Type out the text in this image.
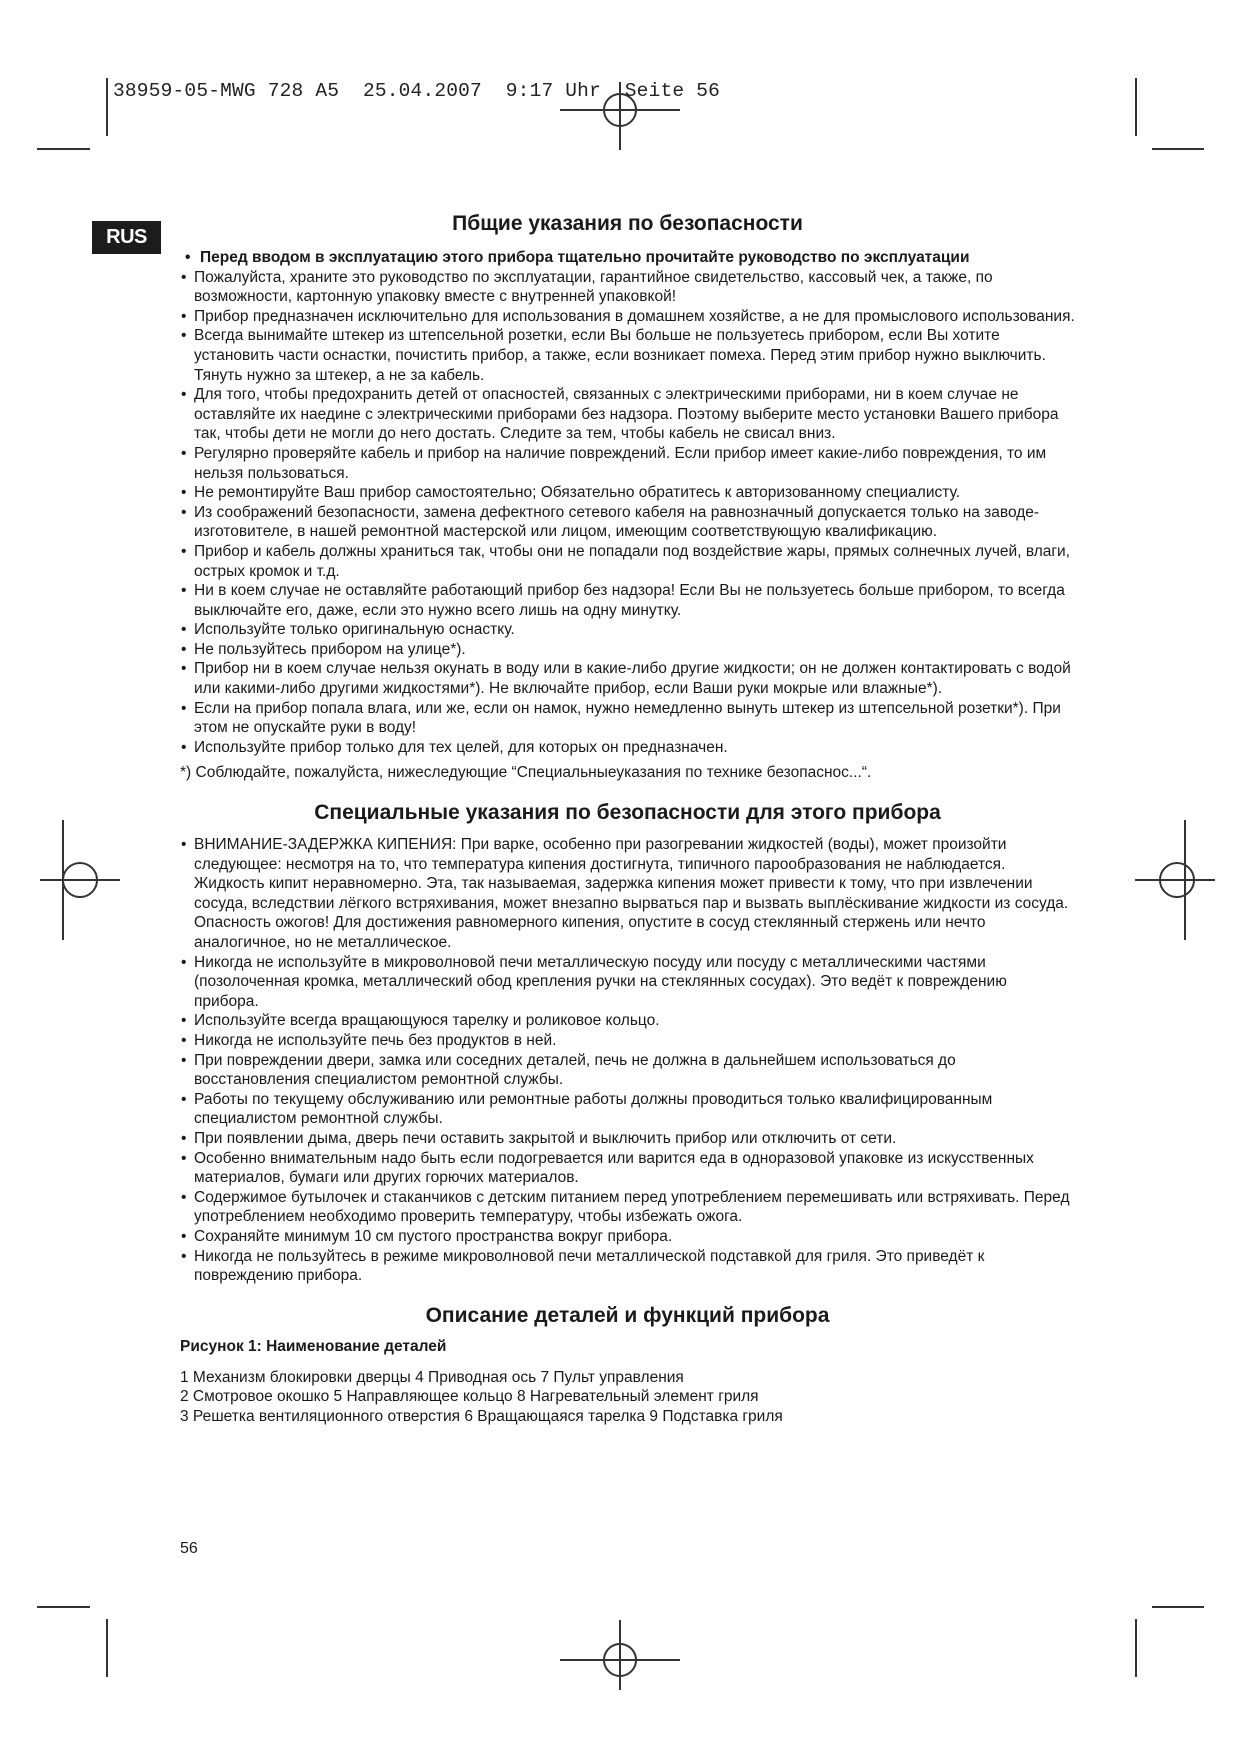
38959-05-MWG 728 A5  25.04.2007  9:17 Uhr  Seite 56
RUS
Пбщие указания по безопасности
• Перед вводом в эксплуатацию этого прибора тщательно прочитайте руководство по эксплуатации
• Пожалуйста, храните это руководство по эксплуатации, гарантийное свидетельство, кассовый чек, а также, по возможности, картонную упаковку вместе с внутренней упаковкой!
• Прибор предназначен исключительно для использования в домашнем хозяйстве, а не для промыслового использования.
• Всегда вынимайте штекер из штепсельной розетки, если Вы больше не пользуетесь прибором, если Вы хотите установить части оснастки, почистить прибор, а также, если возникает помеха. Перед этим прибор нужно выключить. Тянуть нужно за штекер, а не за кабель.
• Для того, чтобы предохранить детей от опасностей, связанных с электрическими приборами, ни в коем случае не оставляйте их наедине с электрическими приборами без надзора. Поэтому выберите место установки Вашего прибора так, чтобы дети не могли до него достать. Следите за тем, чтобы кабель не свисал вниз.
• Регулярно проверяйте кабель и прибор на наличие повреждений. Если прибор имеет какие-либо повреждения, то им нельзя пользоваться.
• Не ремонтируйте Ваш прибор самостоятельно; Обязательно обратитесь к авторизованному специалисту.
• Из соображений безопасности, замена дефектного сетевого кабеля на равнозначный допускается только на заводе-изготовителе, в нашей ремонтной мастерской или лицом, имеющим соответствующую квалификацию.
• Прибор и кабель должны храниться так, чтобы они не попадали под воздействие жары, прямых солнечных лучей, влаги, острых кромок и т.д.
• Ни в коем случае не оставляйте работающий прибор без надзора! Если Вы не пользуетесь больше прибором, то всегда выключайте его, даже, если это нужно всего лишь на одну минутку.
• Используйте только оригинальную оснастку.
• Не пользуйтесь прибором на улице*).
• Прибор ни в коем случае нельзя окунать в воду или в какие-либо другие жидкости; он не должен контактировать с водой или какими-либо другими жидкостями*). Не включайте прибор, если Ваши руки мокрые или влажные*).
• Если на прибор попала влага, или же, если он намок, нужно немедленно вынуть штекер из штепсельной розетки*). При этом не опускайте руки в воду!
• Используйте прибор только для тех целей, для которых он предназначен.

*) Соблюдайте, пожалуйста, нижеследующие “Специальныеуказания по технике безопаснос...“.

Специальные указания по безопасности для этого прибора
• ВНИМАНИЕ-ЗАДЕРЖКА КИПЕНИЯ: При варке, особенно при разогревании жидкостей (воды), может произойти следующее: несмотря на то, что температура кипения достигнута, типичного парообразования не наблюдается. Жидкость кипит неравномерно. Эта, так называемая, задержка кипения может привести к тому, что при извлечении сосуда, вследствии лёгкого встряхивания, может внезапно вырваться пар и вызвать выплёскивание жидкости из сосуда. Опасность ожогов! Для достижения равномерного кипения, опустите в сосуд стеклянный стержень или нечто аналогичное, но не металлическое.
• Никогда не используйте в микроволновой печи металлическую посуду или посуду с металлическими частями (позолоченная кромка, металлический обод крепления ручки на стеклянных сосудах). Это ведёт к повреждению прибора.
• Используйте всегда вращающуюся тарелку и роликовое кольцо.
• Никогда не используйте печь без продуктов в ней.
• При повреждении двери, замка или соседних деталей, печь не должна в дальнейшем использоваться до восстановления специалистом ремонтной службы.
• Работы по текущему обслуживанию или ремонтные работы должны проводиться только квалифицированным специалистом ремонтной службы.
• При появлении дыма, дверь печи оставить закрытой и выключить прибор или отключить от сети.
• Особенно внимательным надо быть если подогревается или варится еда в одноразовой упаковке из искусственных материалов, бумаги или других горючих материалов.
• Содержимое бутылочек и стаканчиков с детским питанием перед употреблением перемешивать или встряхивать. Перед употреблением необходимо проверить температуру, чтобы избежать ожога.
• Сохраняйте минимум 10 см пустого пространства вокруг прибора.
• Никогда не пользуйтесь в режиме микроволновой печи металлической подставкой для гриля. Это приведёт к повреждению прибора.
Описание деталей и функций прибора

Рисунок 1: Наименование деталей

1 Механизм блокировки дверцы 4 Приводная ось 7 Пульт управления

2 Смотровое окошко 5 Направляющее кольцо 8 Нагревательный элемент гриля

3 Решетка вентиляционного отверстия 6 Вращающаяся тарелка 9 Подставка гриля

56
